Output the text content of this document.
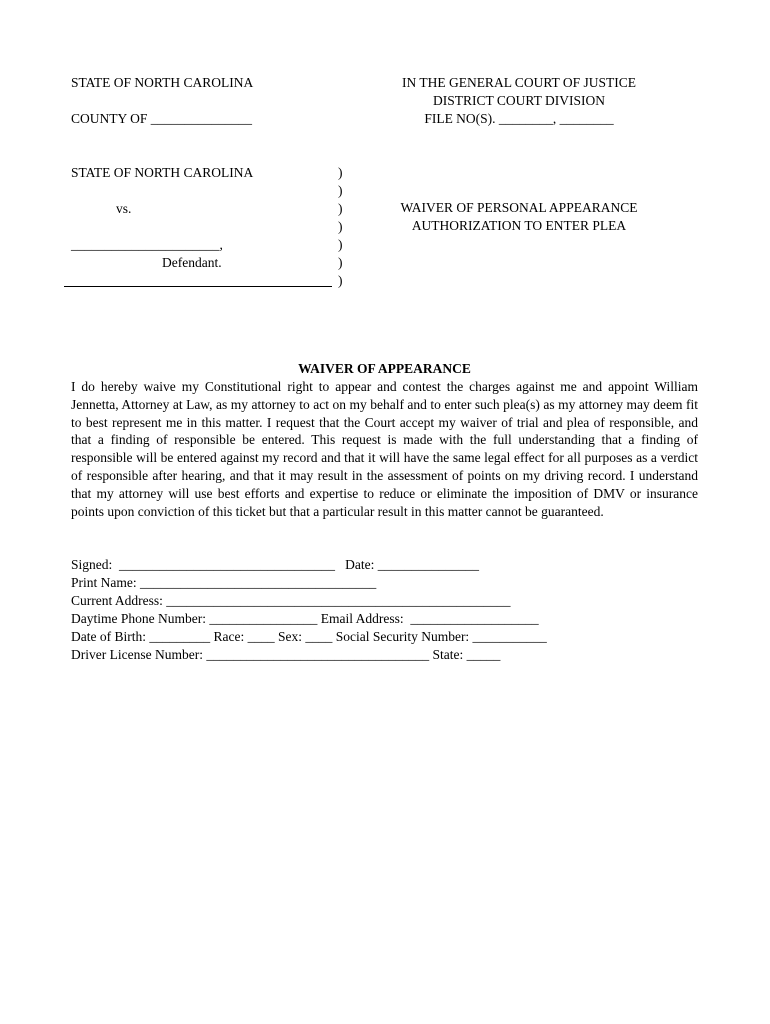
STATE OF NORTH CAROLINA
COUNTY OF _______________
IN THE GENERAL COURT OF JUSTICE
DISTRICT COURT DIVISION
FILE NO(S). ________, ________
STATE OF NORTH CAROLINA
vs.
______________________,
Defendant.
)
)
)
)
)
)
)
WAIVER OF PERSONAL APPEARANCE
AUTHORIZATION TO ENTER PLEA
WAIVER OF APPEARANCE
I do hereby waive my Constitutional right to appear and contest the charges against me and appoint William Jennetta, Attorney at Law, as my attorney to act on my behalf and to enter such plea(s) as my attorney may deem fit to best represent me in this matter. I request that the Court accept my waiver of trial and plea of responsible, and that a finding of responsible be entered. This request is made with the full understanding that a finding of responsible will be entered against my record and that it will have the same legal effect for all purposes as a verdict of responsible after hearing, and that it may result in the assessment of points on my driving record. I understand that my attorney will use best efforts and expertise to reduce or eliminate the imposition of DMV or insurance points upon conviction of this ticket but that a particular result in this matter cannot be guaranteed.
Signed:  ________________________________   Date: _______________
Print Name: ___________________________________
Current Address: ___________________________________________________
Daytime Phone Number: ________________ Email Address:  ___________________
Date of Birth: _________ Race: ____ Sex: ____ Social Security Number: ___________
Driver License Number: _________________________________ State: _____
